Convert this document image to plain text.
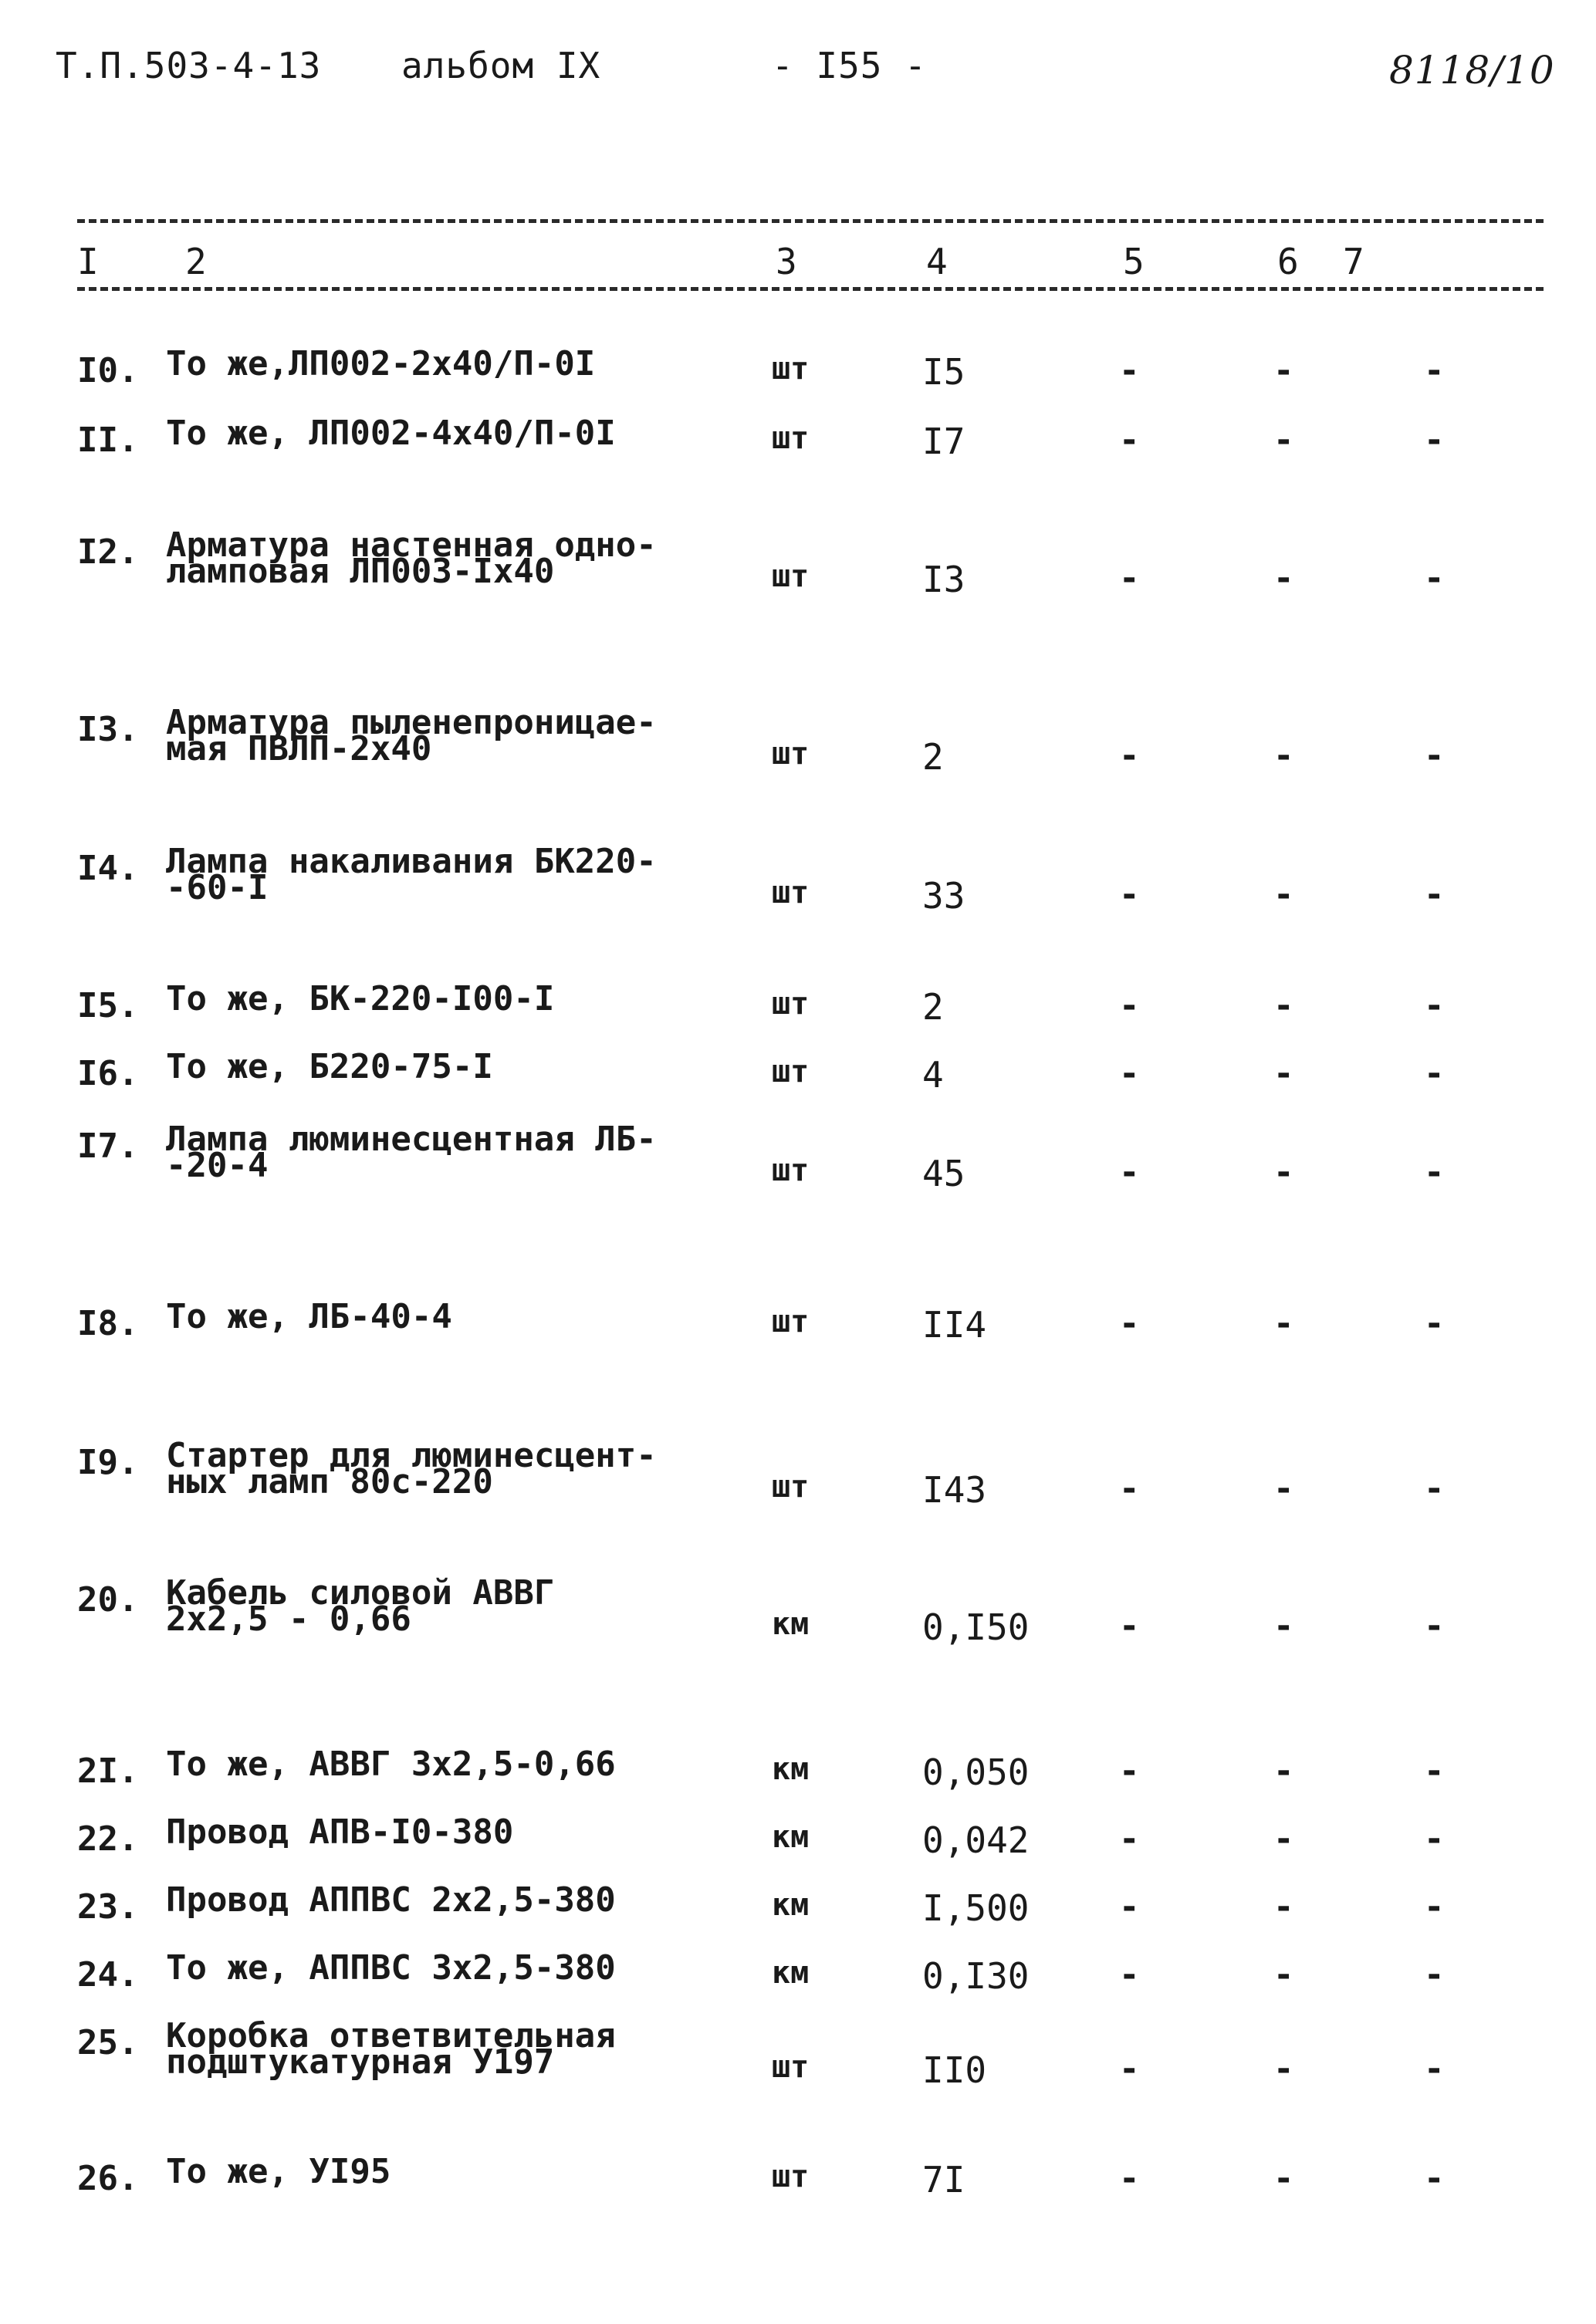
Т.П.503-4-13 альбом IX	- I55 -	8118/10
I 2	3	4	5	6 7
I0. То же,ЛП002-2х40/П-0I	шт	I5	-	-	-
II. То же, ЛП002-4х40/П-0I	шт	I7	-	-	-
I2. Арматура настенная одно-
ламповая ЛП003-Iх40	шт	I3	-	-	-
I3. Арматура пыленепроницае-
мая ПВЛП-2х40	шт	2	-	-	-
I4. Лампа накаливания БК220-
-60-I	шт	33	-	-	-
I5. То же, БК-220-I00-I	шт	2	-	-	-
I6. То же, Б220-75-I	шт	4	-	-	-
I7. Лампа люминесцентная ЛБ-
-20-4	шт	45	-	-	-
I8. То же, ЛБ-40-4	шт	II4	-	-	-
I9. Стартер для люминесцент-
ных ламп 80с-220	шт	I43	-	-	-
20. Кабель силовой АВВГ
2х2,5 - 0,66	км	0,I50	-	-	-
2I. То же, АВВГ 3х2,5-0,66	км	0,050	-	-	-
22. Провод АПВ-I0-380	км	0,042	-	-	-
23. Провод АППВС 2х2,5-380	км	I,500	-	-	-
24. То же, АППВС 3х2,5-380	км	0,I30	-	-	-
25. Коробка ответвительная
подштукатурная У197	шт	II0	-	-	-
26. То же, УI95	шт	7I	-	-	-
